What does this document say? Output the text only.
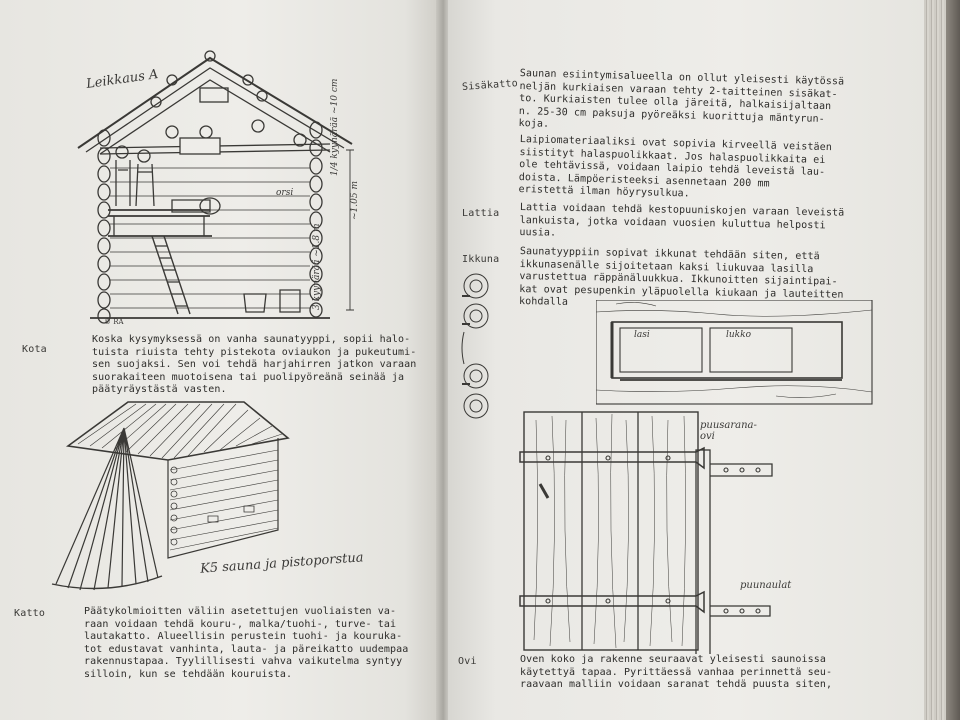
Leikkaus A
orsi
1/4 kyynärää ~10 cm
3 kyynärää ~1.8 m
~1.05 m
© RA
Kota
Koska kysymyksessä on vanha saunatyyppi, sopii halo-
tuista riuista tehty pistekota oviaukon ja pukeutumi-
sen suojaksi. Sen voi tehdä harjahirren jatkon varaan
suorakaiteen muotoisena tai puolipyöreänä seinää ja
päätyräystästä vasten.
K5 sauna ja pistoporstua
Katto	Päätykolmioitten väliin asetettujen vuoliaisten va-
raan voidaan tehdä kouru-, malka/tuohi-, turve- tai
lautakatto. Alueellisin perustein tuohi- ja kouruka-
tot edustavat vanhinta, lauta- ja päreikatto uudempaa
rakennustapaa. Tyylillisesti vahva vaikutelma syntyy
silloin, kun se tehdään kouruista.
Sisäkatto Saunan esiintymisalueella on ollut yleisesti käytössä
neljän kurkiaisen varaan tehty 2-taitteinen sisäkat-
to. Kurkiaisten tulee olla järeitä, halkaisijaltaan
n. 25-30 cm paksuja pyöreäksi kuorittuja mäntyrun-
koja.
Laipiomateriaaliksi ovat sopivia kirveellä veistäen
siistityt halaspuolikkaat. Jos halaspuolikkaita ei
ole tehtävissä, voidaan laipio tehdä leveistä lau-
doista. Lämpöeristeeksi asennetaan 200 mm
eristettä ilman höyrysulkua.
Lattia Lattia voidaan tehdä kestopuuniskojen varaan leveistä
lankuista, jotka voidaan vuosien kuluttua helposti
uusia.
Ikkuna Saunatyyppiin sopivat ikkunat tehdään siten, että
ikkunasenälle sijoitetaan kaksi liukuvaa lasilla
varustettua räppänäluukkua. Ikkunoitten sijaintipai-
kat ovat pesupenkin yläpuolella kiukaan ja lauteitten
kohdalla
lasi	lukko
puusarana-
ovi
puunaulat
Ovi	Oven koko ja rakenne seuraavat yleisesti saunoissa
käytettyä tapaa. Pyrittäessä vanhaa perinnettä seu-
raavaan malliin voidaan saranat tehdä puusta siten,
